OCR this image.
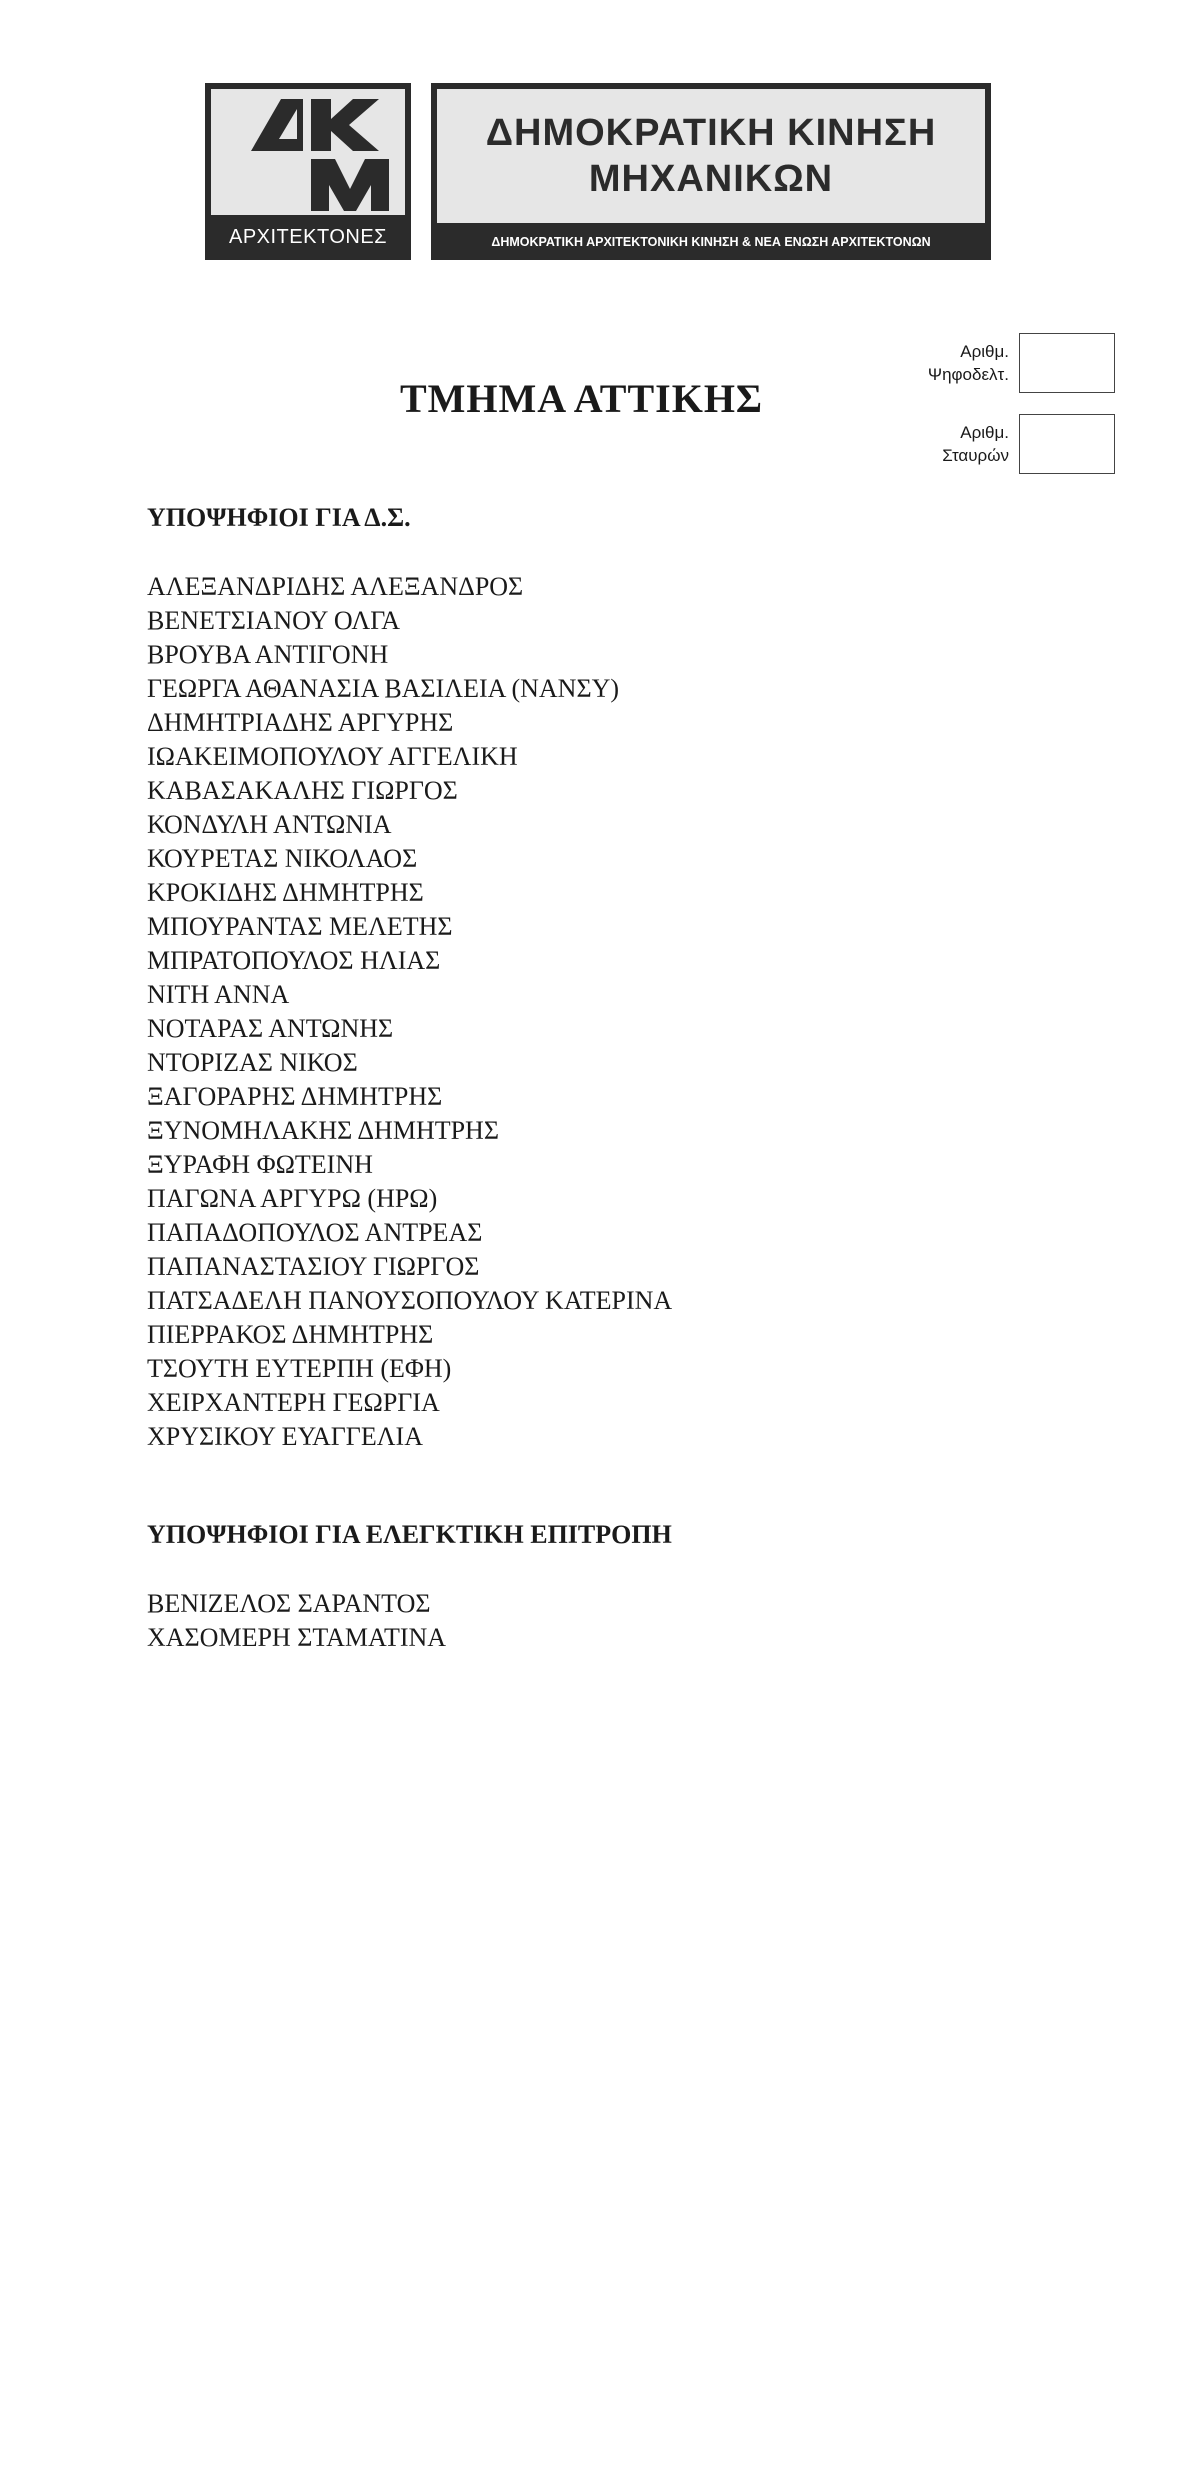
ΑΡΧΙΤΕΚΤΟΝΕΣ
ΔΗΜΟΚΡΑΤΙΚΗ ΚΙΝΗΣΗ
ΜΗΧΑΝΙΚΩΝ
ΔΗΜΟΚΡΑΤΙΚΗ ΑΡΧΙΤΕΚΤΟΝΙΚΗ ΚΙΝΗΣΗ & ΝΕΑ ΕΝΩΣΗ ΑΡΧΙΤΕΚΤΟΝΩΝ
ΤΜΗΜΑ ΑΤΤΙΚΗΣ
Αριθμ.
Ψηφοδελτ.
Αριθμ.
Σταυρών
ΥΠΟΨΗΦΙΟΙ ΓΙΑ Δ.Σ.
ΑΛΕΞΑΝΔΡΙΔΗΣ ΑΛΕΞΑΝΔΡΟΣ
ΒΕΝΕΤΣΙΑΝΟΥ ΟΛΓΑ
ΒΡΟΥΒΑ ΑΝΤΙΓΟΝΗ
ΓΕΩΡΓΑ ΑΘΑΝΑΣΙΑ ΒΑΣΙΛΕΙΑ (ΝΑΝΣΥ)
ΔΗΜΗΤΡΙΑΔΗΣ ΑΡΓΥΡΗΣ
ΙΩΑΚΕΙΜΟΠΟΥΛΟΥ ΑΓΓΕΛΙΚΗ
ΚΑΒΑΣΑΚΑΛΗΣ ΓΙΩΡΓΟΣ
ΚΟΝΔΥΛΗ ΑΝΤΩΝΙΑ
ΚΟΥΡΕΤΑΣ ΝΙΚΟΛΑΟΣ
ΚΡΟΚΙΔΗΣ ΔΗΜΗΤΡΗΣ
ΜΠΟΥΡΑΝΤΑΣ ΜΕΛΕΤΗΣ
ΜΠΡΑΤΟΠΟΥΛΟΣ ΗΛΙΑΣ
ΝΙΤΗ ΑΝΝΑ
ΝΟΤΑΡΑΣ ΑΝΤΩΝΗΣ
ΝΤΟΡΙΖΑΣ ΝΙΚΟΣ
ΞΑΓΟΡΑΡΗΣ ΔΗΜΗΤΡΗΣ
ΞΥΝΟΜΗΛΑΚΗΣ ΔΗΜΗΤΡΗΣ
ΞΥΡΑΦΗ ΦΩΤΕΙΝΗ
ΠΑΓΩΝΑ ΑΡΓΥΡΩ (ΗΡΩ)
ΠΑΠΑΔΟΠΟΥΛΟΣ ΑΝΤΡΕΑΣ
ΠΑΠΑΝΑΣΤΑΣΙΟΥ ΓΙΩΡΓΟΣ
ΠΑΤΣΑΔΕΛΗ ΠΑΝΟΥΣΟΠΟΥΛΟΥ ΚΑΤΕΡΙΝΑ
ΠΙΕΡΡΑΚΟΣ ΔΗΜΗΤΡΗΣ
ΤΣΟΥΤΗ ΕΥΤΕΡΠΗ (ΕΦΗ)
ΧΕΙΡΧΑΝΤΕΡΗ ΓΕΩΡΓΙΑ
ΧΡΥΣΙΚΟΥ ΕΥΑΓΓΕΛΙΑ
ΥΠΟΨΗΦΙΟΙ ΓΙΑ ΕΛΕΓΚΤΙΚΗ ΕΠΙΤΡΟΠΗ
ΒΕΝΙΖΕΛΟΣ ΣΑΡΑΝΤΟΣ
ΧΑΣΟΜΕΡΗ ΣΤΑΜΑΤΙΝΑ
